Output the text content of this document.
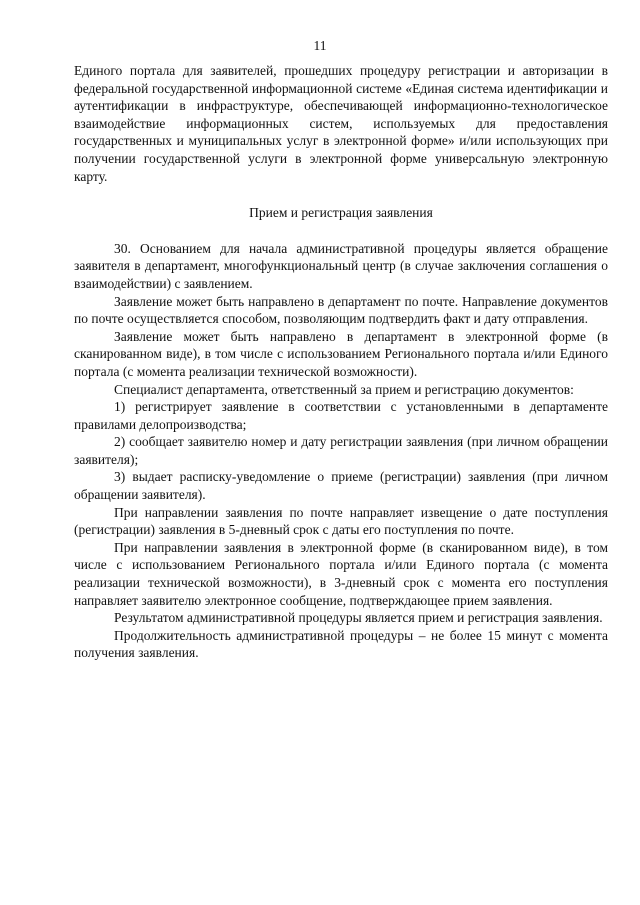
11

Единого портала для заявителей, прошедших процедуру регистрации и авторизации в федеральной государственной информационной системе «Единая система идентификации и аутентификации в инфраструктуре, обеспечивающей информационно-технологическое взаимодействие информационных систем, используемых для предоставления государственных и муниципальных услуг в электронной форме» и/или использующих при получении государственной услуги в электронной форме универсальную электронную карту.

Прием и регистрация заявления

30. Основанием для начала административной процедуры является обращение заявителя в департамент, многофункциональный центр (в случае заключения соглашения о взаимодействии) с заявлением.

Заявление может быть направлено в департамент по почте. Направление документов по почте осуществляется способом, позволяющим подтвердить факт и дату отправления.

Заявление может быть направлено в департамент в электронной форме (в сканированном виде), в том числе с использованием Регионального портала и/или Единого портала (с момента реализации технической возможности).

Специалист департамента, ответственный за прием и регистрацию документов:

1) регистрирует заявление в соответствии с установленными в департаменте правилами делопроизводства;

2) сообщает заявителю номер и дату регистрации заявления (при личном обращении заявителя);

3) выдает расписку-уведомление о приеме (регистрации) заявления (при личном обращении заявителя).

При направлении заявления по почте направляет извещение о дате поступления (регистрации) заявления в 5-дневный срок с даты его поступления по почте.

При направлении заявления в электронной форме (в сканированном виде), в том числе с использованием Регионального портала и/или Единого портала (с момента реализации технической возможности), в 3-дневный срок с момента его поступления направляет заявителю электронное сообщение, подтверждающее прием заявления.

Результатом административной процедуры является прием и регистрация заявления.

Продолжительность административной процедуры – не более 15 минут с момента получения заявления.
